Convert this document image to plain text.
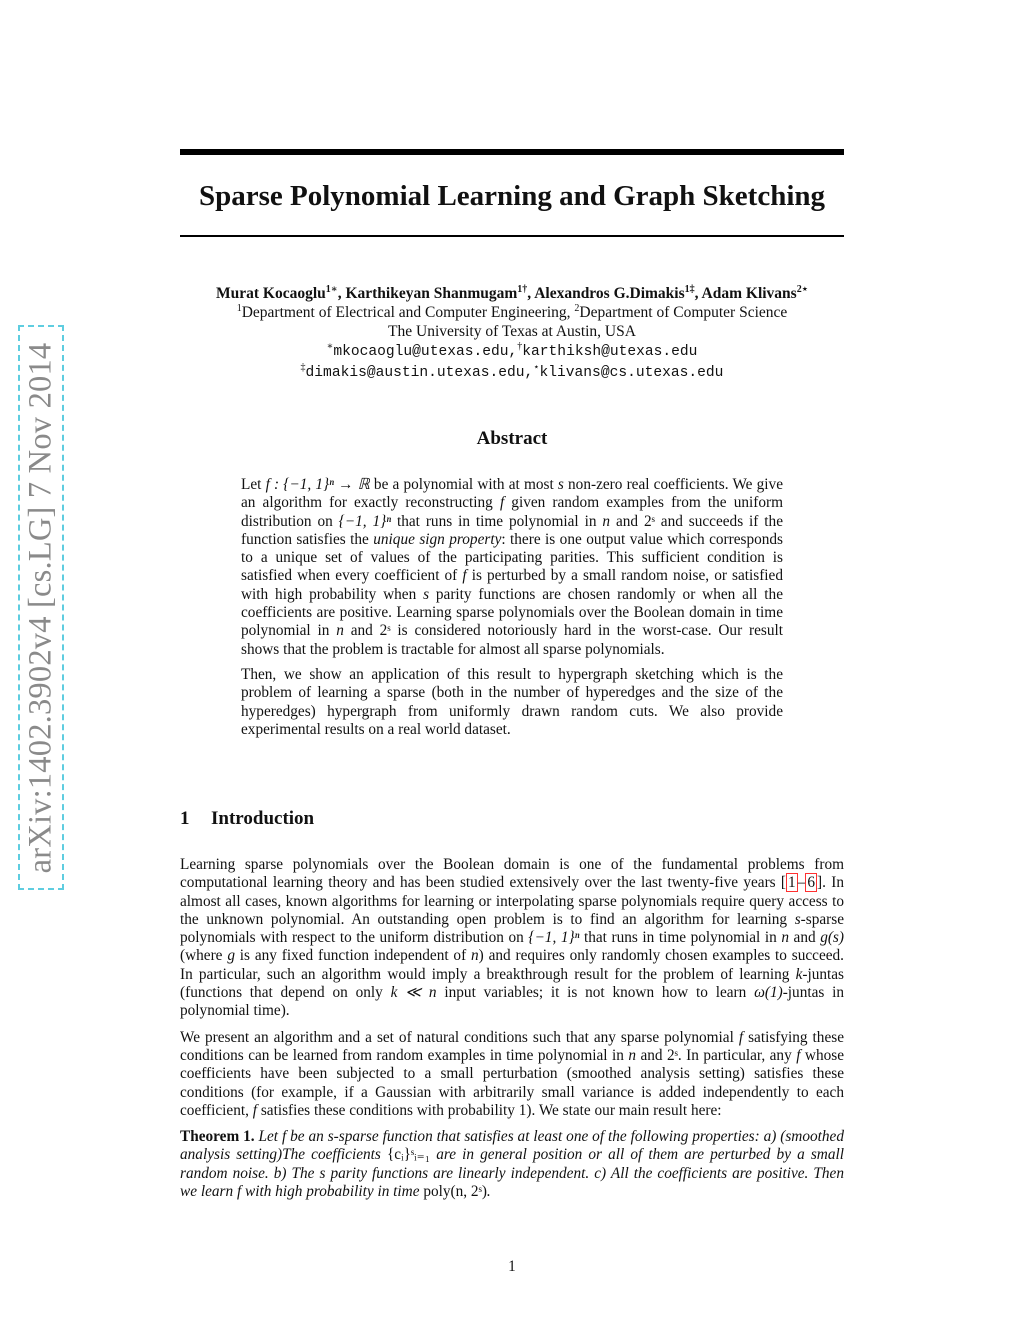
arXiv:1402.3902v4 [cs.LG] 7 Nov 2014
Sparse Polynomial Learning and Graph Sketching
Murat Kocaoglu$^{1∗}$, Karthikeyan Shanmugam$^{1\dagger}$, Alexandros G.Dimakis$^{1\ddagger}$, Adam Klivans$^{2⋆}$
$^1$Department of Electrical and Computer Engineering, $^2$Department of Computer Science
The University of Texas at Austin, USA
∗mkocaoglu@utexas.edu,†karthiksh@utexas.edu
‡dimakis@austin.utexas.edu,⋆klivans@cs.utexas.edu
Abstract

Let f : {−1, 1}ⁿ → ℝ be a polynomial with at most s non-zero real coefficients. We give an algorithm for exactly reconstructing f given random examples from the uniform distribution on {−1, 1}ⁿ that runs in time polynomial in n and 2ˢ and succeeds if the function satisfies the unique sign property: there is one output value which corresponds to a unique set of values of the participating parities. This sufficient condition is satisfied when every coefficient of f is perturbed by a small random noise, or satisfied with high probability when s parity functions are chosen randomly or when all the coefficients are positive. Learning sparse polynomials over the Boolean domain in time polynomial in n and 2ˢ is considered notoriously hard in the worst-case. Our result shows that the problem is tractable for almost all sparse polynomials.

Then, we show an application of this result to hypergraph sketching which is the problem of learning a sparse (both in the number of hyperedges and the size of the hyperedges) hypergraph from uniformly drawn random cuts. We also provide experimental results on a real world dataset.

1 Introduction

Learning sparse polynomials over the Boolean domain is one of the fundamental problems from computational learning theory and has been studied extensively over the last twenty-five years [ 1 – 6 ]. In almost all cases, known algorithms for learning or interpolating sparse polynomials require query access to the unknown polynomial. An outstanding open problem is to find an algorithm for learning s-sparse polynomials with respect to the uniform distribution on {−1, 1}ⁿ that runs in time polynomial in n and g(s) (where g is any fixed function independent of n) and requires only randomly chosen examples to succeed. In particular, such an algorithm would imply a breakthrough result for the problem of learning k-juntas (functions that depend on only k ≪ n input variables; it is not known how to learn ω(1)-juntas in polynomial time).

We present an algorithm and a set of natural conditions such that any sparse polynomial f satisfying these conditions can be learned from random examples in time polynomial in n and 2ˢ. In particular, any f whose coefficients have been subjected to a small perturbation (smoothed analysis setting) satisfies these conditions (for example, if a Gaussian with arbitrarily small variance is added independently to each coefficient, f satisfies these conditions with probability 1). We state our main result here:

Theorem 1. Let f be an s-sparse function that satisfies at least one of the following properties: a) (smoothed analysis setting)The coefficients {cᵢ}ˢᵢ₌₁ are in general position or all of them are perturbed by a small random noise. b) The s parity functions are linearly independent. c) All the coefficients are positive. Then we learn f with high probability in time poly(n, 2ˢ).

1
